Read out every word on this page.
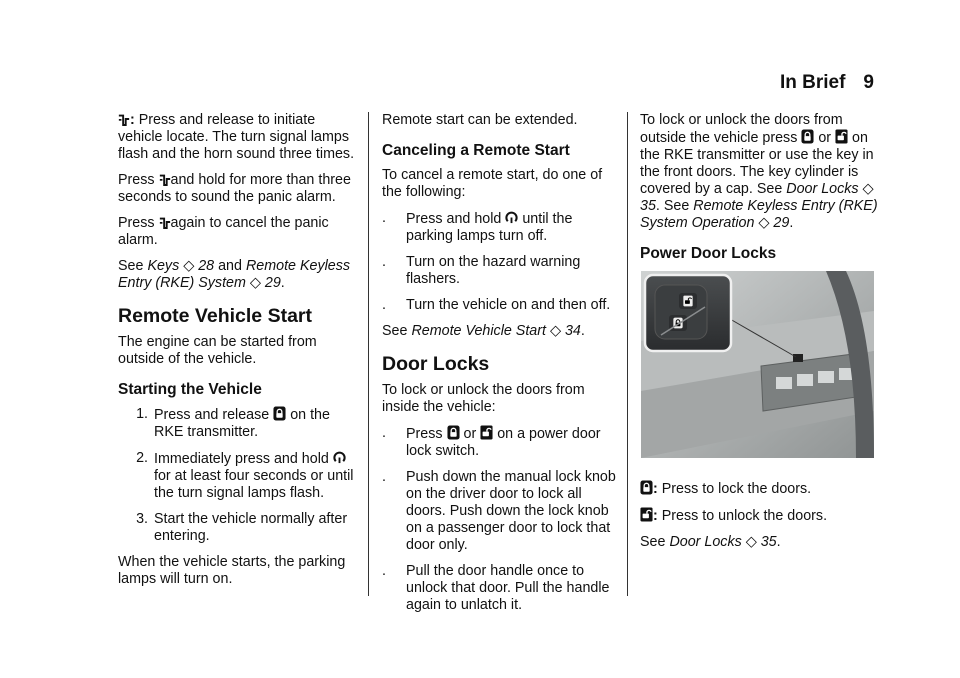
In Brief 9

: Press and release to initiate vehicle locate. The turn signal lamps flash and the horn sound three times.

Press and hold for more than three seconds to sound the panic alarm.

Press again to cancel the panic alarm.

See Keys ◇ 28 and Remote Keyless Entry (RKE) System ◇ 29.

Remote Vehicle Start

The engine can be started from outside of the vehicle.

Starting the Vehicle
1. Press and release on the RKE transmitter.
2. Immediately press and hold  for at least four seconds or until the turn signal lamps flash.
3. Start the vehicle normally after entering.

When the vehicle starts, the parking lamps will turn on.

Remote start can be extended.

Canceling a Remote Start

To cancel a remote start, do one of the following:

.	Press and hold until the parking lamps turn off.
.	Turn on the hazard warning flashers.
.	Turn the vehicle on and then off.

See Remote Vehicle Start ◇ 34.

Door Locks

To lock or unlock the doors from inside the vehicle:

.	Press or on a power door lock switch.
.	Push down the manual lock knob on the driver door to lock all doors. Push down the lock knob on a passenger door to lock that door only.
.	Pull the door handle once to unlock that door. Pull the handle again to unlatch it.

To lock or unlock the doors from outside the vehicle press or on the RKE transmitter or use the key in the front doors. The key cylinder is covered by a cap. See Door Locks ◇ 35. See Remote Keyless Entry (RKE) System Operation ◇ 29.

Power Door Locks

: Press to lock the doors.

: Press to unlock the doors.

See Door Locks ◇ 35.
